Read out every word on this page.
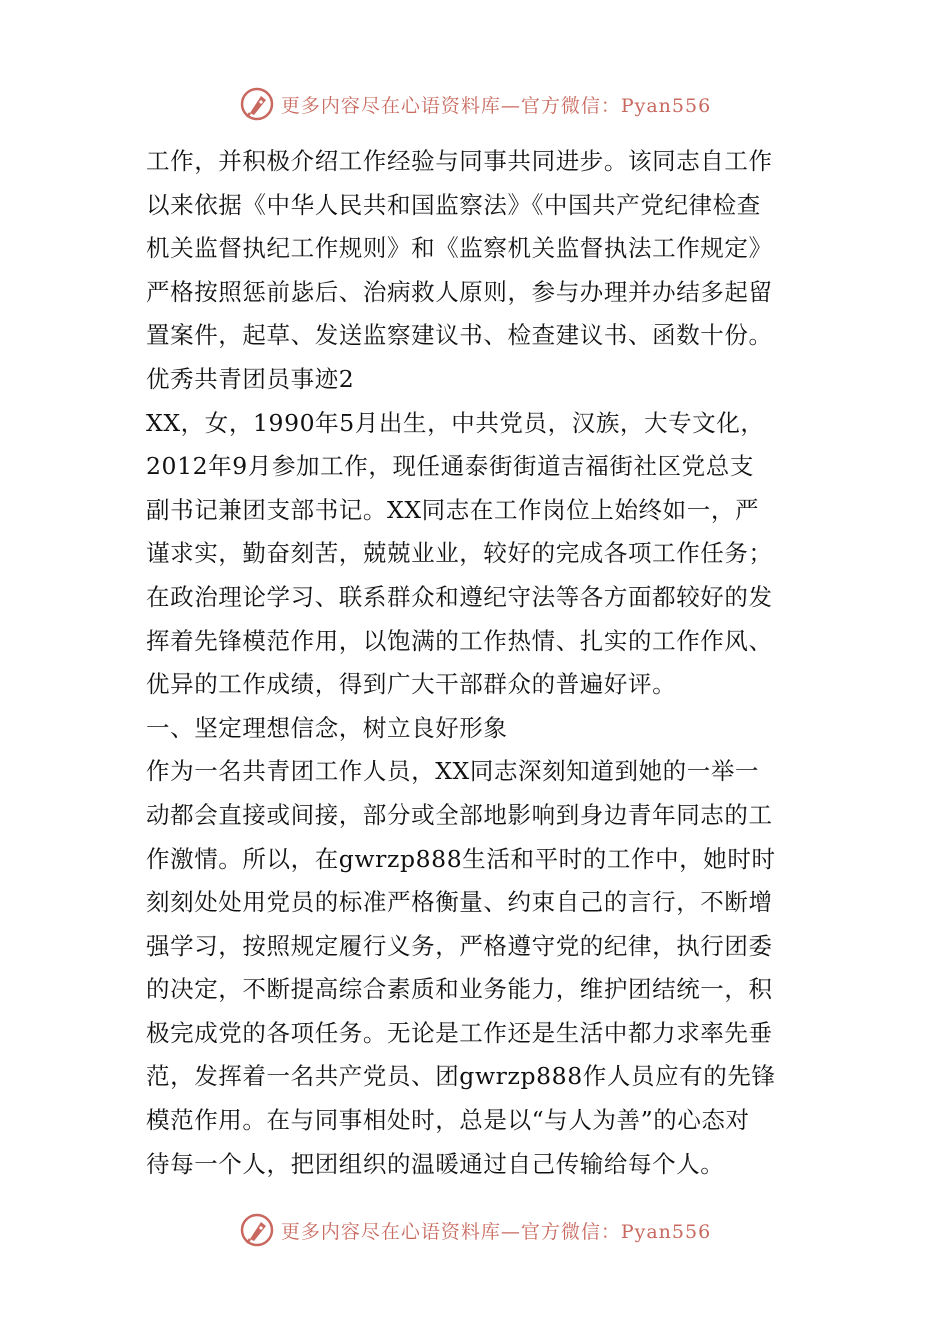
更多内容尽在心语资料库—官方微信：Pyan556
工作，并积极介绍工作经验与同事共同进步。该同志自工作
以来依据《中华人民共和国监察法》《中国共产党纪律检查
机关监督执纪工作规则》和《监察机关监督执法工作规定》
严格按照惩前毖后、治病救人原则，参与办理并办结多起留
置案件，起草、发送监察建议书、检查建议书、函数十份。
优秀共青团员事迹2
XX，女，1990年5月出生，中共党员，汉族，大专文化，
2012年9月参加工作，现任通泰街街道吉福街社区党总支
副书记兼团支部书记。XX同志在工作岗位上始终如一，严
谨求实，勤奋刻苦，兢兢业业，较好的完成各项工作任务；
在政治理论学习、联系群众和遵纪守法等各方面都较好的发
挥着先锋模范作用，以饱满的工作热情、扎实的工作作风、
优异的工作成绩，得到广大干部群众的普遍好评。
一、坚定理想信念，树立良好形象
作为一名共青团工作人员，XX同志深刻知道到她的一举一
动都会直接或间接，部分或全部地影响到身边青年同志的工
作激情。所以，在gwrzp888生活和平时的工作中，她时时
刻刻处处用党员的标准严格衡量、约束自己的言行，不断增
强学习，按照规定履行义务，严格遵守党的纪律，执行团委
的决定，不断提高综合素质和业务能力，维护团结统一，积
极完成党的各项任务。无论是工作还是生活中都力求率先垂
范，发挥着一名共产党员、团gwrzp888作人员应有的先锋
模范作用。在与同事相处时，总是以“与人为善”的心态对
待每一个人，把团组织的温暖通过自己传输给每个人。
更多内容尽在心语资料库—官方微信：Pyan556
